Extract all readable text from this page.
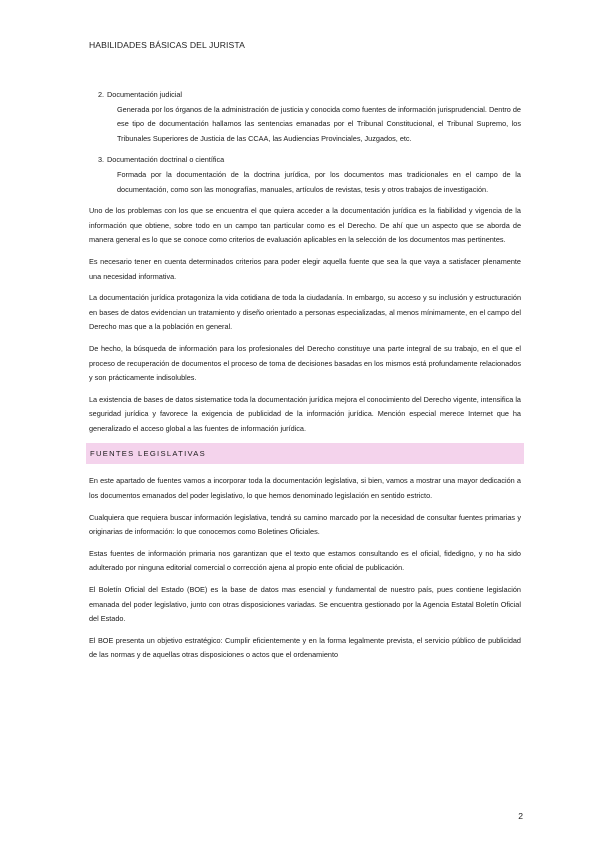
HABILIDADES BÁSICAS DEL JURISTA
2. Documentación judicial
Generada por los órganos de la administración de justicia y conocida como fuentes de información jurisprudencial. Dentro de ese tipo de documentación hallamos las sentencias emanadas por el Tribunal Constitucional, el Tribunal Supremo, los Tribunales Superiores de Justicia de las CCAA, las Audiencias Provinciales, Juzgados, etc.
3. Documentación doctrinal o científica
Formada por la documentación de la doctrina jurídica, por los documentos mas tradicionales en el campo de la documentación, como son las monografías, manuales, artículos de revistas, tesis y otros trabajos de investigación.

Uno de los problemas con los que se encuentra el que quiera acceder a la documentación jurídica es la fiabilidad y vigencia de la información que obtiene, sobre todo en un campo tan particular como es el Derecho. De ahí que un aspecto que se aborda de manera general es lo que se conoce como criterios de evaluación aplicables en la selección de los documentos mas pertinentes.

Es necesario tener en cuenta determinados criterios para poder elegir aquella fuente que sea la que vaya a satisfacer plenamente una necesidad informativa.

La documentación jurídica protagoniza la vida cotidiana de toda la ciudadanía. In embargo, su acceso y su inclusión y estructuración en bases de datos evidencian un tratamiento y diseño orientado a personas especializadas, al menos mínimamente, en el campo del Derecho mas que a la población en general.

De hecho, la búsqueda de información para los profesionales del Derecho constituye una parte integral de su trabajo, en el que el proceso de recuperación de documentos el proceso de toma de decisiones basadas en los mismos está profundamente relacionados y son prácticamente indisolubles.

La existencia de bases de datos sistematice toda la documentación jurídica mejora el conocimiento del Derecho vigente, intensifica la seguridad jurídica y favorece la exigencia de publicidad de la información jurídica. Mención especial merece Internet que ha generalizado el acceso global a las fuentes de información jurídica.

FUENTES LEGISLATIVAS

En este apartado de fuentes vamos a incorporar toda la documentación legislativa, si bien, vamos a mostrar una mayor dedicación a los documentos emanados del poder legislativo, lo que hemos denominado legislación en sentido estricto.

Cualquiera que requiera buscar información legislativa, tendrá su camino marcado por la necesidad de consultar fuentes primarias y originarias de información: lo que conocemos como Boletines Oficiales.

Estas fuentes de información primaria nos garantizan que el texto que estamos consultando es el oficial, fidedigno, y no ha sido adulterado por ninguna editorial comercial o corrección ajena al propio ente oficial de publicación.

El Boletín Oficial del Estado (BOE) es la base de datos mas esencial y fundamental de nuestro país, pues contiene legislación emanada del poder legislativo, junto con otras disposiciones variadas. Se encuentra gestionado por la Agencia Estatal Boletín Oficial del Estado.

El BOE presenta un objetivo estratégico: Cumplir eficientemente y en la forma legalmente prevista, el servicio público de publicidad de las normas y de aquellas otras disposiciones o actos que el ordenamiento

2
